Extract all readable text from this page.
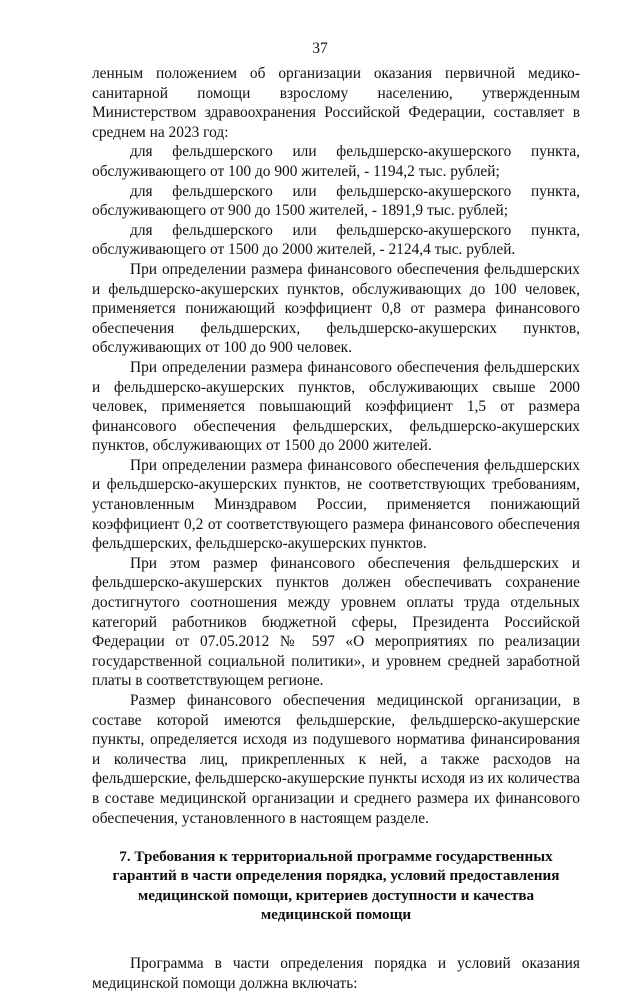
37

ленным положением об организации оказания первичной медико-санитарной помощи взрослому населению, утвержденным Министерством здравоохранения Российской Федерации, составляет в среднем на 2023 год:

для фельдшерского или фельдшерско-акушерского пункта, обслуживающего от 100 до 900 жителей, - 1194,2 тыс. рублей;

для фельдшерского или фельдшерско-акушерского пункта, обслуживающего от 900 до 1500 жителей, - 1891,9 тыс. рублей;

для фельдшерского или фельдшерско-акушерского пункта, обслуживающего от 1500 до 2000 жителей, - 2124,4 тыс. рублей.

При определении размера финансового обеспечения фельдшерских и фельдшерско-акушерских пунктов, обслуживающих до 100 человек, применяется понижающий коэффициент 0,8 от размера финансового обеспечения фельдшерских, фельдшерско-акушерских пунктов, обслуживающих от 100 до 900 человек.

При определении размера финансового обеспечения фельдшерских и фельдшерско-акушерских пунктов, обслуживающих свыше 2000 человек, применяется повышающий коэффициент 1,5 от размера финансового обеспечения фельдшерских, фельдшерско-акушерских пунктов, обслуживающих от 1500 до 2000 жителей.

При определении размера финансового обеспечения фельдшерских и фельдшерско-акушерских пунктов, не соответствующих требованиям, установленным Минздравом России, применяется понижающий коэффициент 0,2 от соответствующего размера финансового обеспечения фельдшерских, фельдшерско-акушерских пунктов.

При этом размер финансового обеспечения фельдшерских и фельдшерско-акушерских пунктов должен обеспечивать сохранение достигнутого соотношения между уровнем оплаты труда отдельных категорий работников бюджетной сферы, Президента Российской Федерации от 07.05.2012 № 597 «О мероприятиях по реализации государственной социальной политики», и уровнем средней заработной платы в соответствующем регионе.

Размер финансового обеспечения медицинской организации, в составе которой имеются фельдшерские, фельдшерско-акушерские пункты, определяется исходя из подушевого норматива финансирования и количества лиц, прикрепленных к ней, а также расходов на фельдшерские, фельдшерско-акушерские пункты исходя из их количества в составе медицинской организации и среднего размера их финансового обеспечения, установленного в настоящем разделе.

7. Требования к территориальной программе государственных гарантий в части определения порядка, условий предоставления медицинской помощи, критериев доступности и качества медицинской помощи

Программа в части определения порядка и условий оказания медицинской помощи должна включать:
